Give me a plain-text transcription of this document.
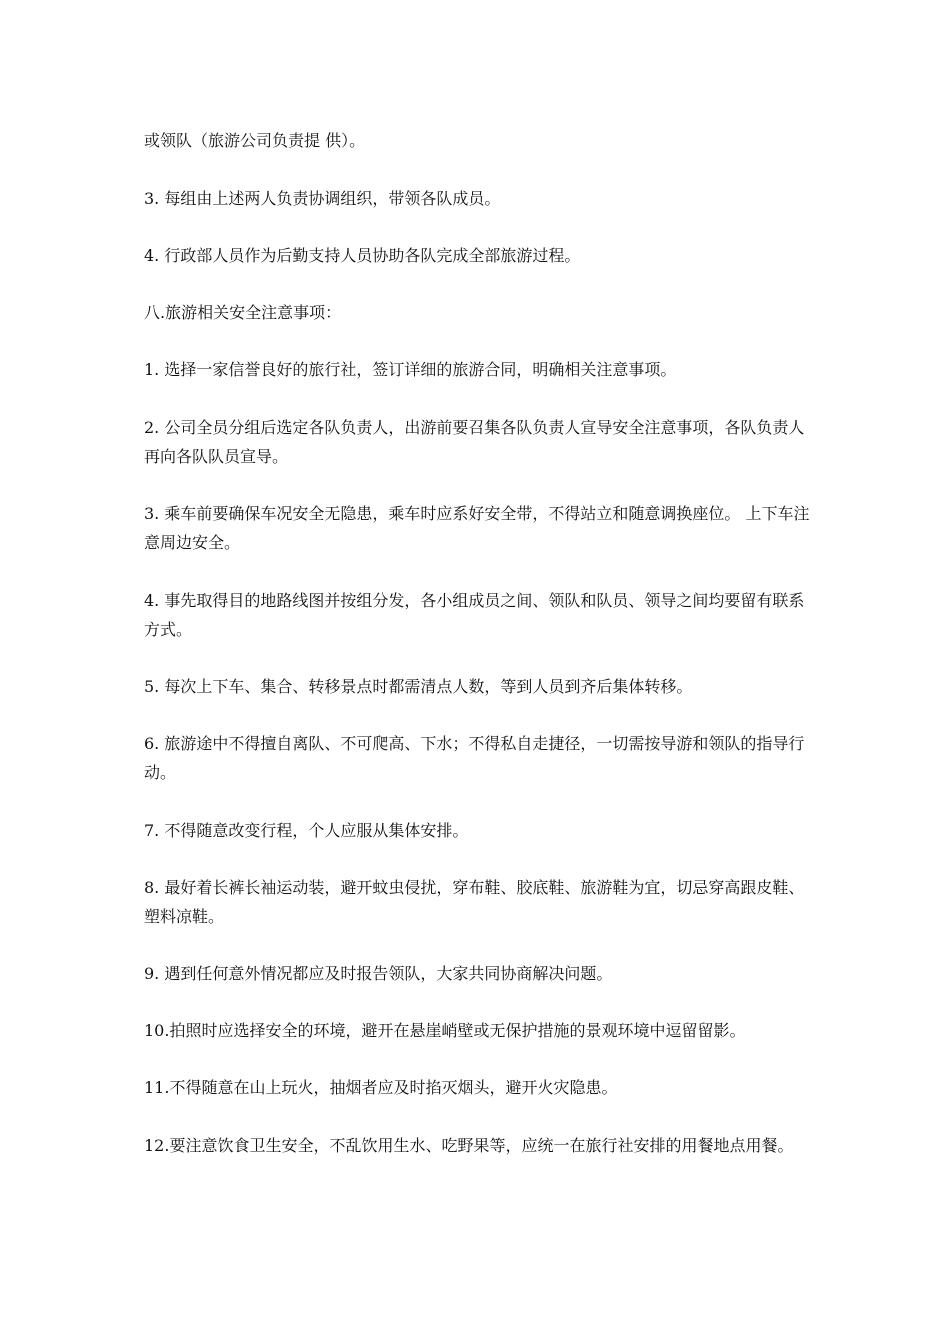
或领队（旅游公司负责提 供）。

3. 每组由上述两人负责协调组织，带领各队成员。

4. 行政部人员作为后勤支持人员协助各队完成全部旅游过程。

八.旅游相关安全注意事项：

1. 选择一家信誉良好的旅行社，签订详细的旅游合同，明确相关注意事项。

2. 公司全员分组后选定各队负责人，出游前要召集各队负责人宣导安全注意事项，各队负责人再向各队队员宣导。

3. 乘车前要确保车况安全无隐患，乘车时应系好安全带，不得站立和随意调换座位。 上下车注意周边安全。

4. 事先取得目的地路线图并按组分发，各小组成员之间、领队和队员、领导之间均要留有联系方式。

5. 每次上下车、集合、转移景点时都需清点人数，等到人员到齐后集体转移。

6. 旅游途中不得擅自离队、不可爬高、下水；不得私自走捷径，一切需按导游和领队的指导行动。

7. 不得随意改变行程，个人应服从集体安排。

8. 最好着长裤长袖运动装，避开蚊虫侵扰，穿布鞋、胶底鞋、旅游鞋为宜，切忌穿高跟皮鞋、塑料凉鞋。

9. 遇到任何意外情况都应及时报告领队，大家共同协商解决问题。

10.拍照时应选择安全的环境，避开在悬崖峭壁或无保护措施的景观环境中逗留留影。

11.不得随意在山上玩火，抽烟者应及时掐灭烟头，避开火灾隐患。

12.要注意饮食卫生安全，不乱饮用生水、吃野果等，应统一在旅行社安排的用餐地点用餐。
